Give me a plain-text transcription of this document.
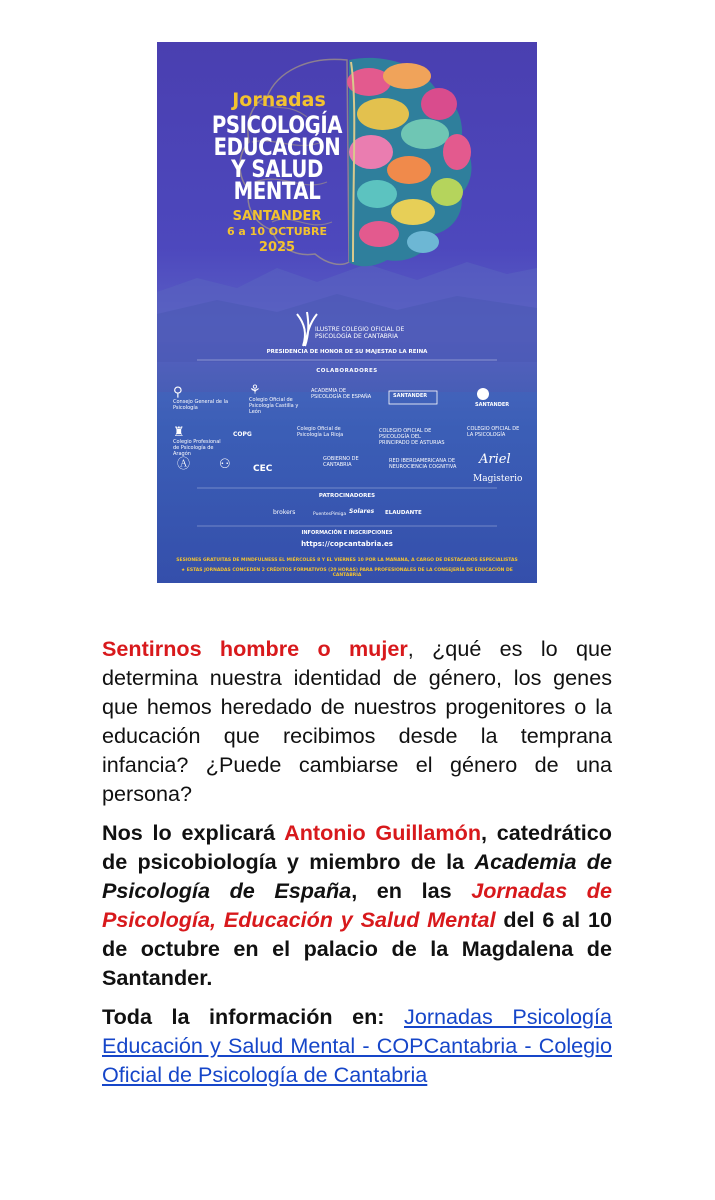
Jornadas
PSICOLOGÍA
EDUCACIÓN
Y SALUD
MENTAL
SANTANDER
6 a 10 OCTUBRE
2025
ILUSTRE COLEGIO OFICIAL DE PSICOLOGÍA DE CANTABRIA
PRESIDENCIA DE HONOR DE SU MAJESTAD LA REINA
COLABORADORES
⚲
Consejo General de la Psicología
⚘
Colegio Oficial de Psicología Castilla y León
ACADEMIA DE PSICOLOGÍA DE ESPAÑA	SANTANDER
SANTANDER
♜
Colegio Profesional de Psicología de Aragón
COPG
Colegio Oficial de Psicología La Rioja
COLEGIO OFICIAL DE PSICOLOGÍA DEL PRINCIPADO DE ASTURIAS
COLEGIO OFICIAL DE LA PSICOLOGÍA
Ⓐ ⚇ CEC
GOBIERNO DE CANTABRIA
RED IBEROAMERICANA DE NEUROCIENCIA COGNITIVA	Ariel
Magisterio
PATROCINADORES
brokers	PuentesPimiga Solares ELAUDANTE
INFORMACIÓN E INSCRIPCIONES
https://copcantabria.es
SESIONES GRATUITAS DE MINDFULNESS EL MIÉRCOLES 8 Y EL VIERNES 10 POR LA MAÑANA, A CARGO DE DESTACADOS ESPECIALISTAS
★ ESTAS JORNADAS CONCEDEN 2 CRÉDITOS FORMATIVOS (20 HORAS) PARA PROFESIONALES DE LA CONSEJERÍA DE EDUCACIÓN DE CANTABRIA

Sentirnos hombre o mujer, ¿qué es lo que determina nuestra identidad de género, los genes que hemos heredado de nuestros progenitores o la educación que recibimos desde la temprana infancia? ¿Puede cambiarse el género de una persona?

Nos lo explicará Antonio Guillamón, catedrático de psicobiología y miembro de la Academia de Psicología de España, en las Jornadas de Psicología, Educación y Salud Mental del 6 al 10 de octubre en el palacio de la Magdalena de Santander.

Toda la información en: Jornadas Psicología Educación y Salud Mental - COPCantabria - Colegio Oficial de Psicología de Cantabria
